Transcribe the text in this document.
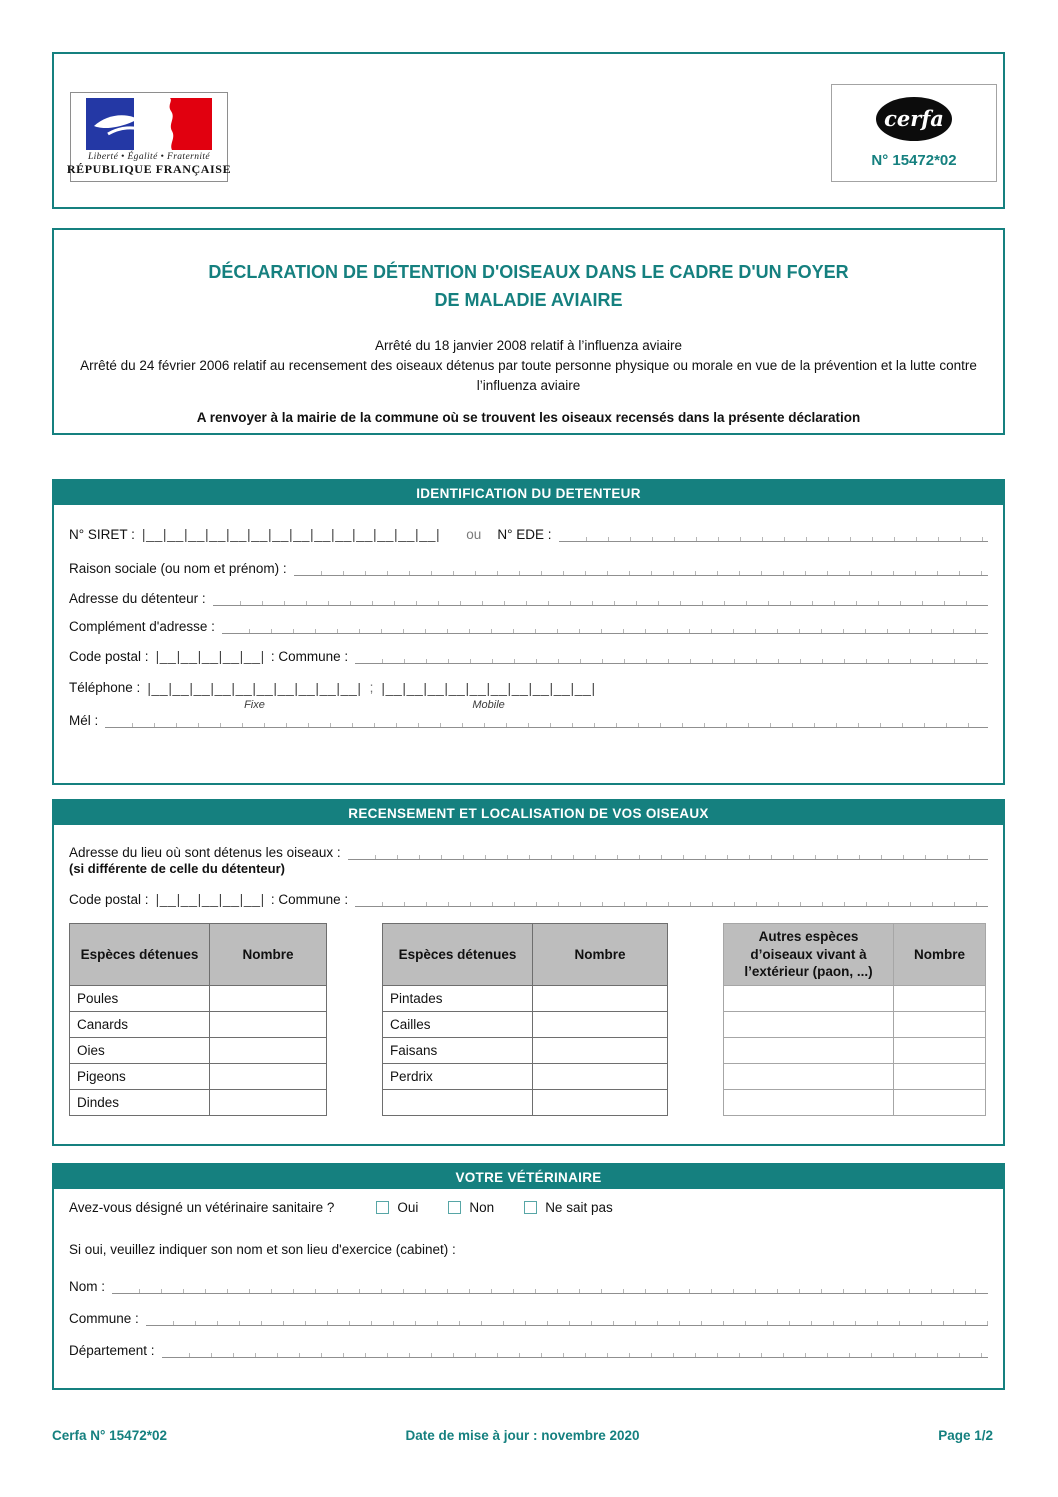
Liberté • Égalité • Fraternité
RÉPUBLIQUE FRANÇAISE
cerfa
N° 15472*02
DÉCLARATION DE DÉTENTION D'OISEAUX DANS LE CADRE D'UN FOYER
DE MALADIE AVIAIRE
Arrêté du 18 janvier 2008 relatif à l’influenza aviaire
Arrêté du 24 février 2006 relatif au recensement des oiseaux détenus par toute personne physique ou morale en vue de la prévention et la lutte contre l’influenza aviaire
A renvoyer à la mairie de la commune où se trouvent les oiseaux recensés dans la présente déclaration
IDENTIFICATION DU DETENTEUR
N° SIRET : |__|__|__|__|__|__|__|__|__|__|__|__|__|__| ou N° EDE :
Raison sociale (ou nom et prénom) :
Adresse du détenteur :
Complément d'adresse :
Code postal : |__|__|__|__|__| : Commune :
Téléphone : |__|__|__|__|__|__|__|__|__|__|
Fixe
; |__|__|__|__|__|__|__|__|__|__|
Mobile
Mél :
RECENSEMENT ET LOCALISATION DE VOS OISEAUX
Adresse du lieu où sont détenus les oiseaux :
(si différente de celle du détenteur)
Code postal : |__|__|__|__|__| : Commune :
Espèces détenues	Nombre
Poules	
Canards	
Oies	
Pigeons	
Dindes	
Espèces détenues	Nombre
Pintades	
Cailles	
Faisans	
Perdrix	

Autres espèces d’oiseaux vivant à l’extérieur (paon, ...)	Nombre

VOTRE VÉTÉRINAIRE
Avez-vous désigné un vétérinaire sanitaire ?	Oui	Non	Ne sait pas
Si oui, veuillez indiquer son nom et son lieu d'exercice (cabinet) :
Nom :
Commune :
Département :
Cerfa N° 15472*02	Date de mise à jour : novembre 2020	Page 1/2
